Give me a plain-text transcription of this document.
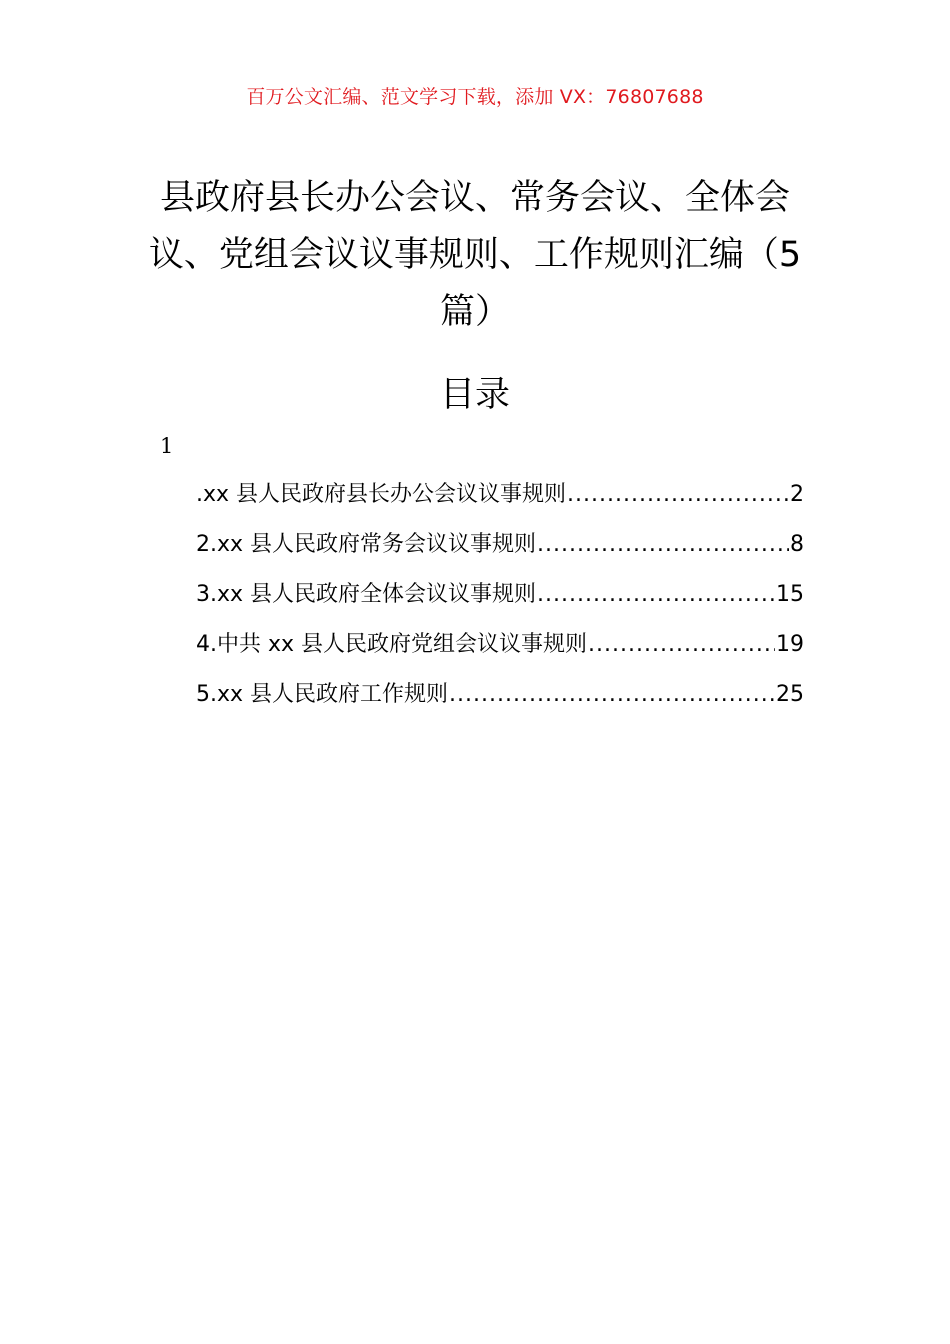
百万公文汇编、范文学习下载，添加 VX：76807688
县政府县长办公会议、常务会议、全体会
议、党组会议议事规则、工作规则汇编（5
篇）
目录
1
.xx 县人民政府县长办公会议议事规则 .....	2
2.xx 县人民政府常务会议议事规则 .....	8
3.xx 县人民政府全体会议议事规则 .....	15
4.中共 xx 县人民政府党组会议议事规则 .....	19
5.xx 县人民政府工作规则 .....	25
